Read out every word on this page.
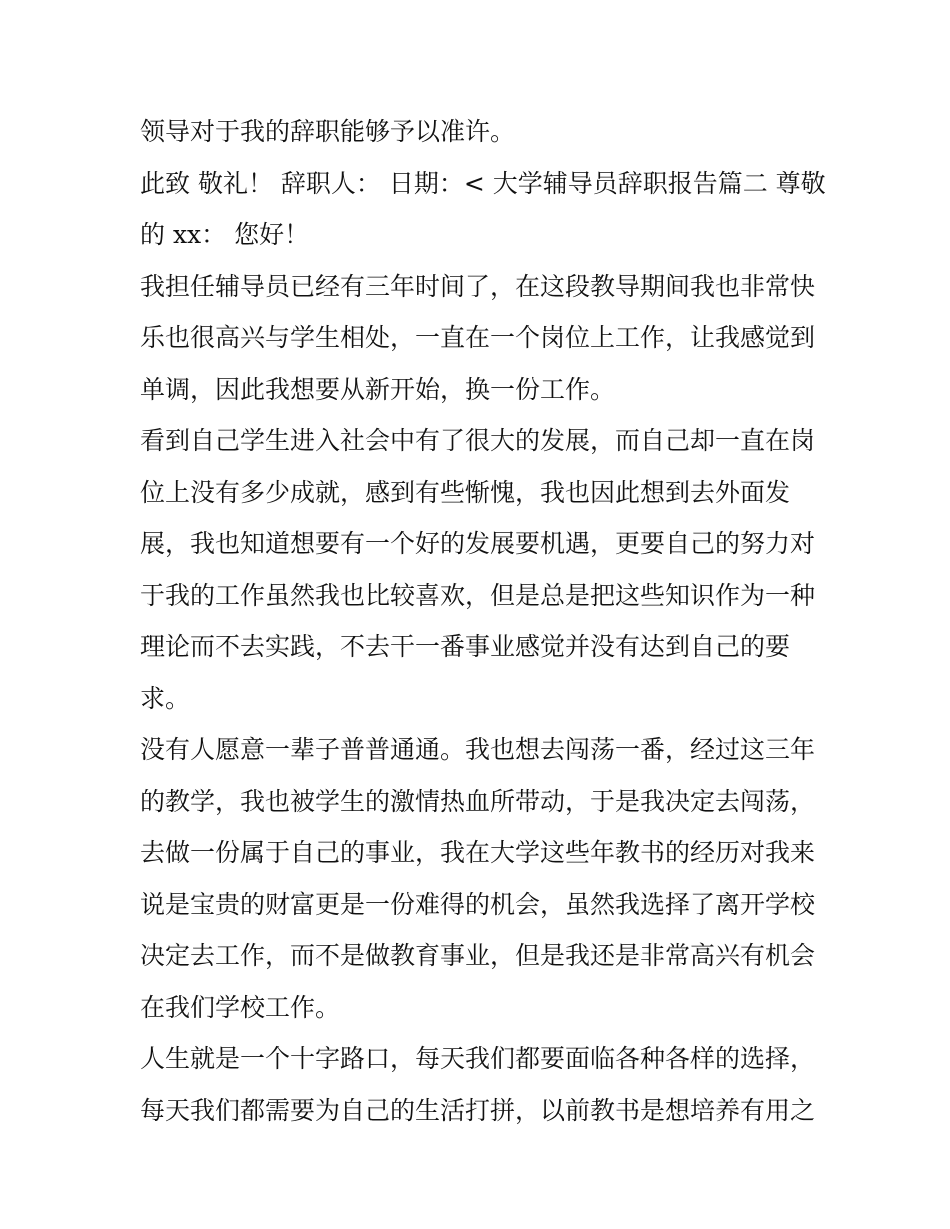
领导对于我的辞职能够予以准许。
此致 敬礼！ 辞职人： 日期：< 大学辅导员辞职报告篇二 尊敬
的 xx： 您好！
我担任辅导员已经有三年时间了，在这段教导期间我也非常快
乐也很高兴与学生相处，一直在一个岗位上工作，让我感觉到
单调，因此我想要从新开始，换一份工作。
看到自己学生进入社会中有了很大的发展，而自己却一直在岗
位上没有多少成就，感到有些惭愧，我也因此想到去外面发
展，我也知道想要有一个好的发展要机遇，更要自己的努力对
于我的工作虽然我也比较喜欢，但是总是把这些知识作为一种
理论而不去实践，不去干一番事业感觉并没有达到自己的要
求。
没有人愿意一辈子普普通通。我也想去闯荡一番，经过这三年
的教学，我也被学生的激情热血所带动，于是我决定去闯荡，
去做一份属于自己的事业，我在大学这些年教书的经历对我来
说是宝贵的财富更是一份难得的机会，虽然我选择了离开学校
决定去工作，而不是做教育事业，但是我还是非常高兴有机会
在我们学校工作。
人生就是一个十字路口，每天我们都要面临各种各样的选择，
每天我们都需要为自己的生活打拼，以前教书是想培养有用之
